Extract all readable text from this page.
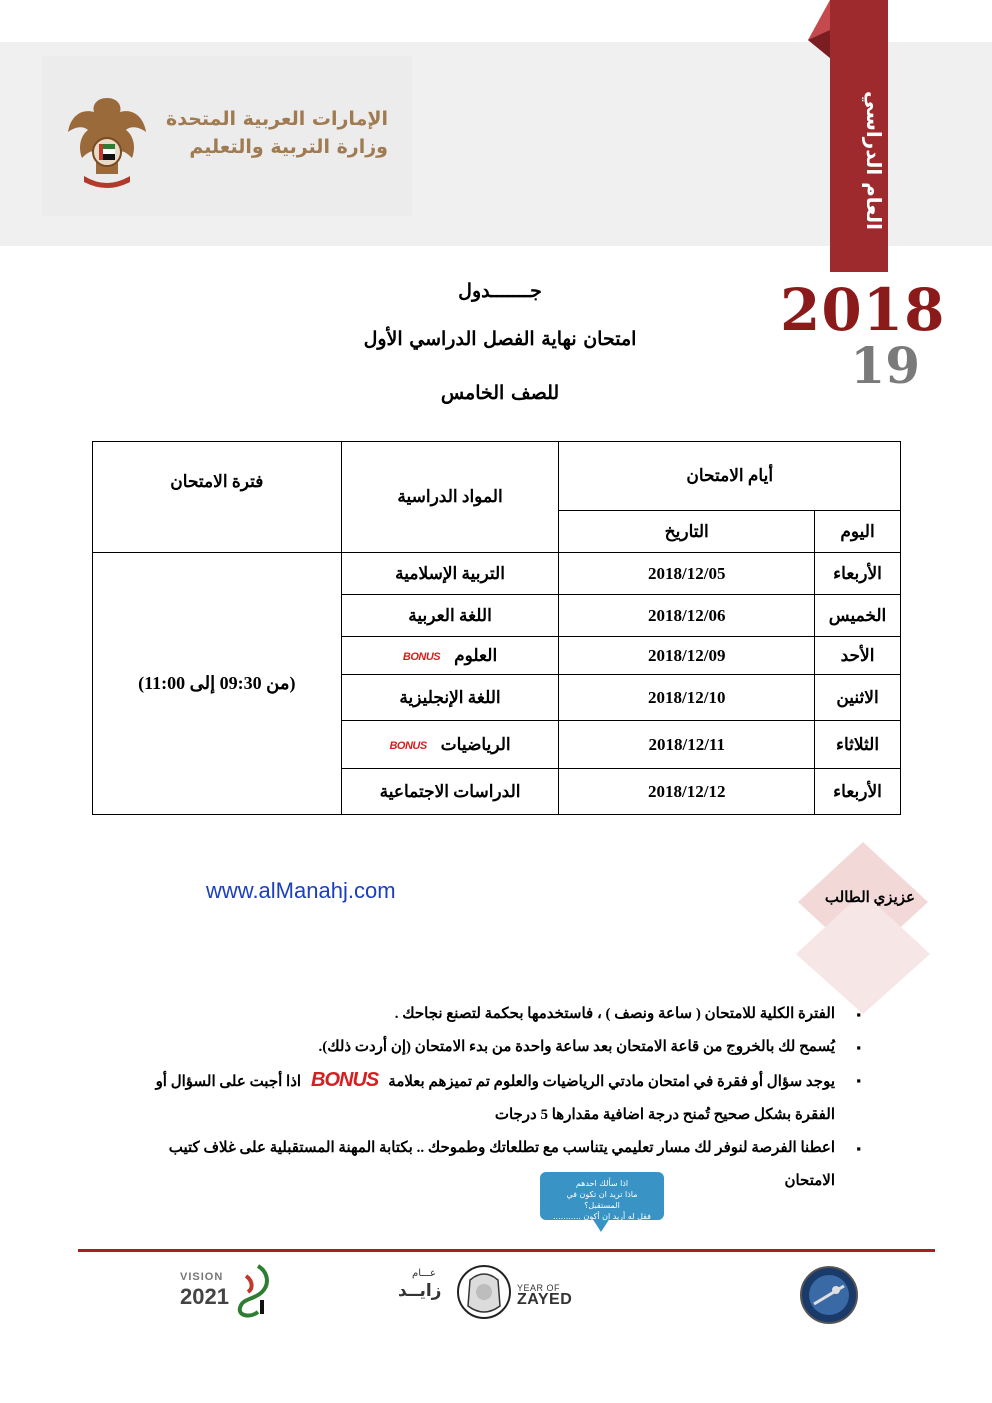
الإمارات العربية المتحدة
وزارة التربية والتعليم	العام الدراسي
2018
19
جـــــــدول
امتحان نهاية الفصل الدراسي الأول
للصف الخامس
أيام الامتحان		المواد الدراسية	فترة الامتحان
اليوم	التاريخ		
الأربعاء	2018/12/05	التربية الإسلامية	(من 09:30 إلى 11:00)
الخميس	2018/12/06	اللغة العربية	
الأحد	2018/12/09	العلومBONUS	
الاثنين	2018/12/10	اللغة الإنجليزية	
الثلاثاء	2018/12/11	الرياضياتBONUS	
الأربعاء	2018/12/12	الدراسات الاجتماعية	
www.alManahj.com	عزيزي الطالب
▪ الفترة الكلية للامتحان ( ساعة ونصف ) ، فاستخدمها بحكمة لتصنع نجاحك .
▪ يُسمح لك بالخروج من قاعة الامتحان بعد ساعة واحدة من بدء الامتحان (إن أردت ذلك).
▪ يوجد سؤال أو فقرة في امتحان مادتي الرياضيات والعلوم تم تميزهم بعلامةBONUSاذا أجبت على السؤال أو الفقرة بشكل صحيح تُمنح درجة اضافية مقدارها 5 درجات
▪ اعطنا الفرصة لنوفر لك مسار تعليمي يتناسب مع تطلعاتك وطموحك .. بكتابة المهنة المستقبلية على غلاف كتيب الامتحان
اذا سألك احدهم
ماذا تريد ان تكون في المستقبل؟
فقل له أريد ان أكون ...........
VISION
2021
عـــام
زايــد	YEAR OF
ZAYED
